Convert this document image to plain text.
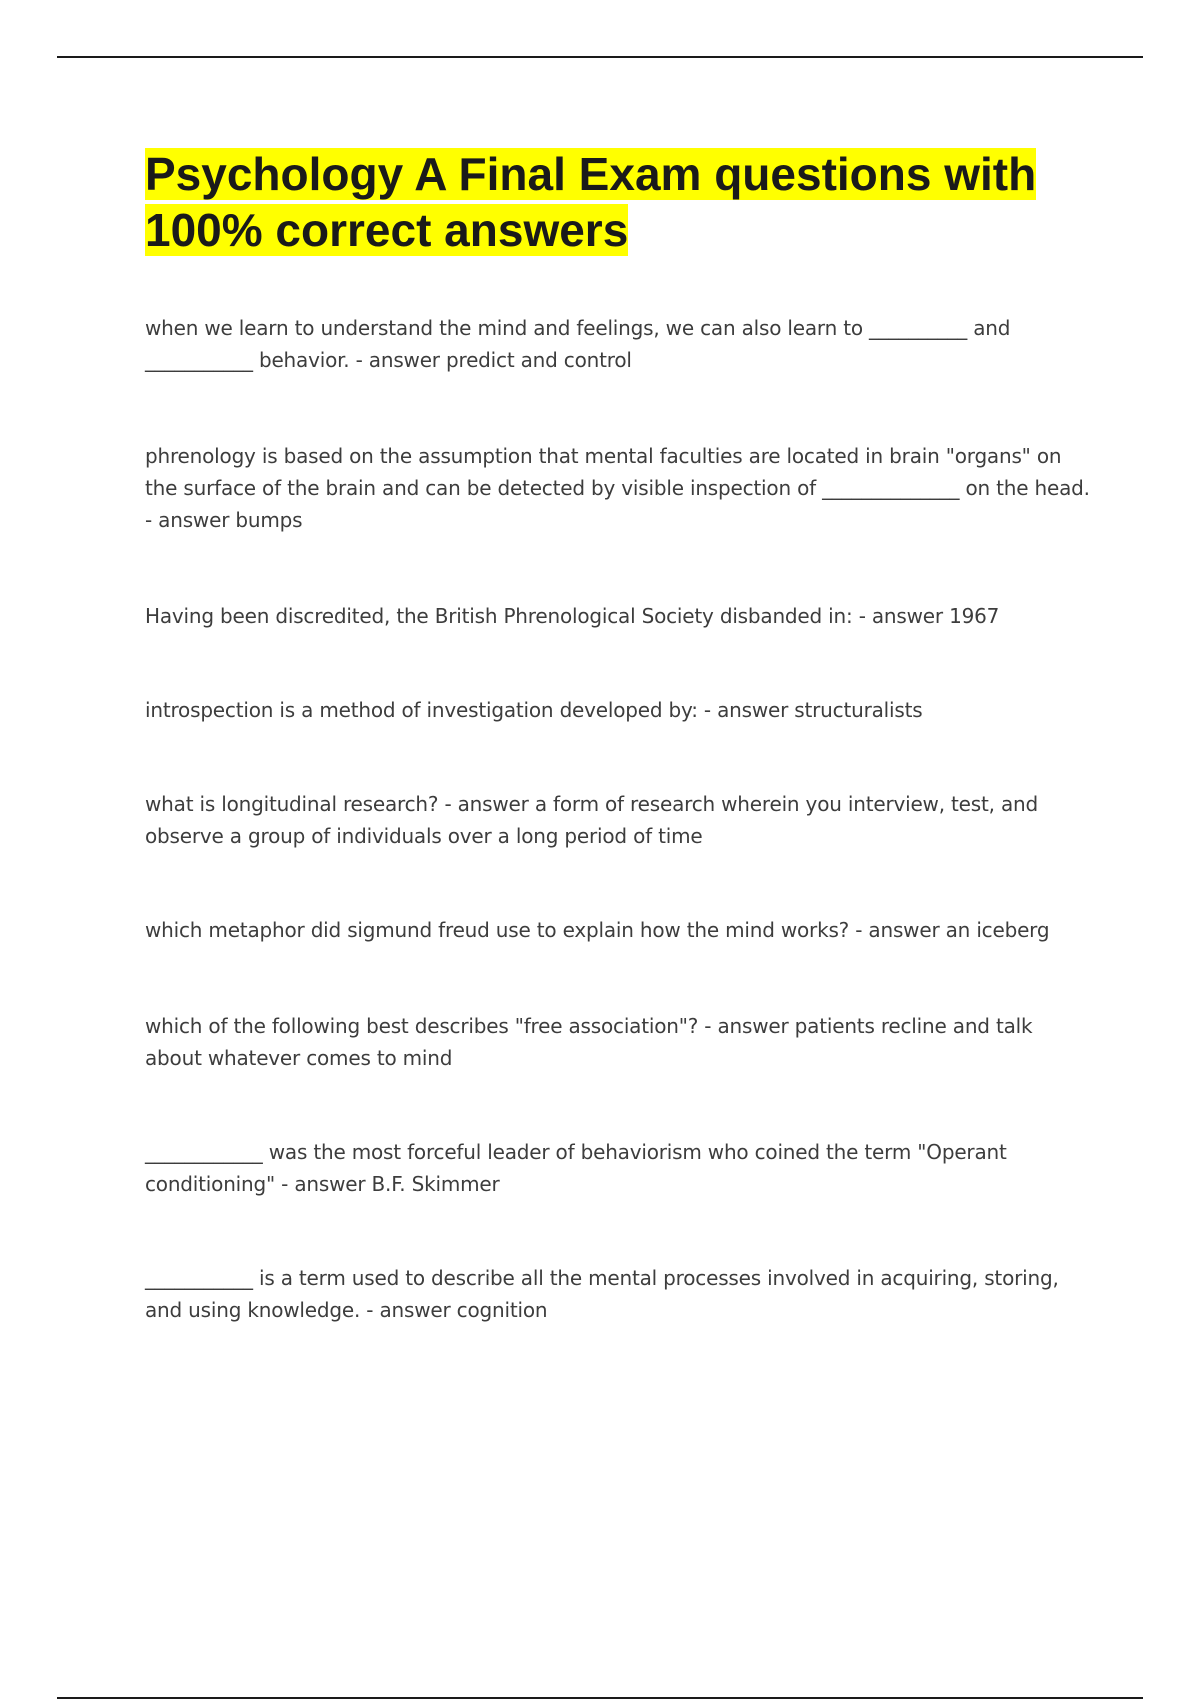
Psychology A Final Exam questions with 100% correct answers

when we learn to understand the mind and feelings, we can also learn to __________ and ___________ behavior. - answer predict and control

phrenology is based on the assumption that mental faculties are located in brain "organs" on the surface of the brain and can be detected by visible inspection of ______________ on the head. - answer bumps

Having been discredited, the British Phrenological Society disbanded in: - answer 1967

introspection is a method of investigation developed by: - answer structuralists

what is longitudinal research? - answer a form of research wherein you interview, test, and observe a group of individuals over a long period of time

which metaphor did sigmund freud use to explain how the mind works? - answer an iceberg

which of the following best describes "free association"? - answer patients recline and talk about whatever comes to mind

____________ was the most forceful leader of behaviorism who coined the term "Operant conditioning" - answer B.F. Skimmer

___________ is a term used to describe all the mental processes involved in acquiring, storing, and using knowledge. - answer cognition
